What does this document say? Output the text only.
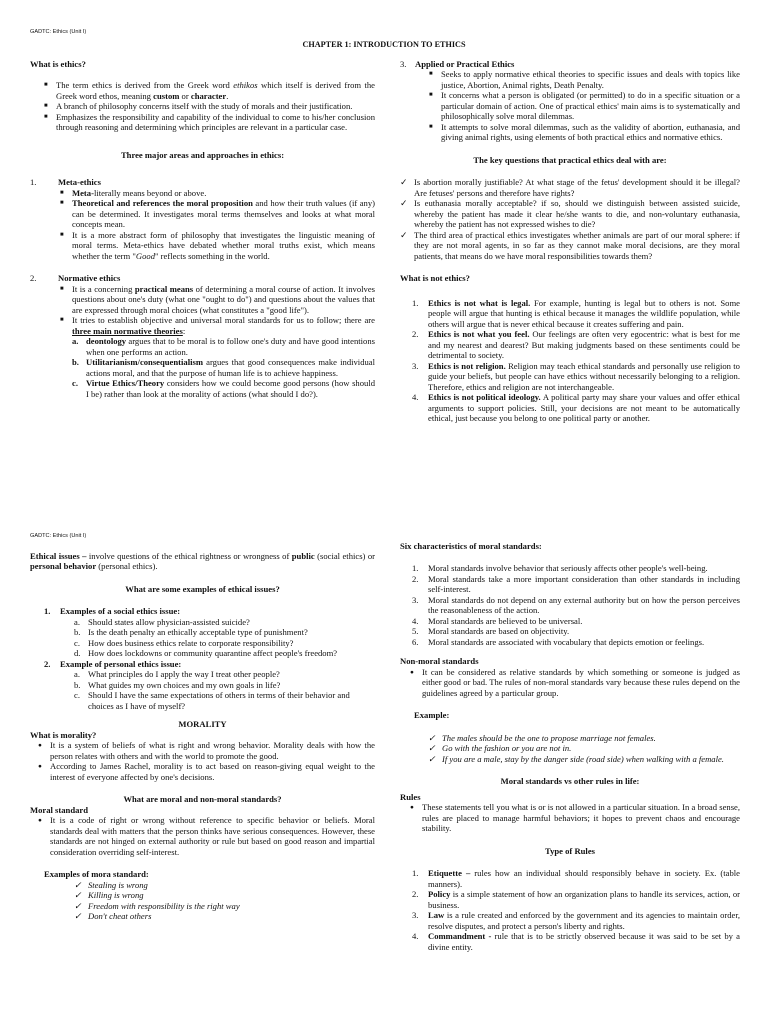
GADTC: Ethics (Unit I)
CHAPTER 1: INTRODUCTION TO ETHICS
What is ethics?
■ The term ethics is derived from the Greek word ethikos which itself is derived from the Greek word ethos, meaning custom or character.
■ A branch of philosophy concerns itself with the study of morals and their justification.
■ Emphasizes the responsibility and capability of the individual to come to his/her conclusion through reasoning and determining which principles are relevant in a particular case.
Three major areas and approaches in ethics:
1.	Meta-ethics
■ Meta-literally means beyond or above.
■ Theoretical and references the moral proposition and how their truth values (if any) can be determined. It investigates moral terms themselves and looks at what moral concepts mean.
■ It is a more abstract form of philosophy that investigates the linguistic meaning of moral terms. Meta-ethics have debated whether moral truths exist, which means whether the term "Good" reflects something in the world.
2.	Normative ethics
■ It is a concerning practical means of determining a moral course of action. It involves questions about one's duty (what one "ought to do") and questions about the values that are expressed through moral choices (what constitutes a "good life").
■ It tries to establish objective and universal moral standards for us to follow; there are three main normative theories:
a. deontology argues that to be moral is to follow one's duty and have good intentions when one performs an action.
b. Utilitarianism/consequentialism argues that good consequences make individual actions moral, and that the purpose of human life is to achieve happiness.
c. Virtue Ethics/Theory considers how we could become good persons (how should I be) rather than look at the morality of actions (what should I do?).
3. Applied or Practical Ethics
■ Seeks to apply normative ethical theories to specific issues and deals with topics like justice, Abortion, Animal rights, Death Penalty.
■ It concerns what a person is obligated (or permitted) to do in a specific situation or a particular domain of action. One of practical ethics' main aims is to systematically and philosophically solve moral dilemmas.
■ It attempts to solve moral dilemmas, such as the validity of abortion, euthanasia, and giving animal rights, using elements of both practical ethics and normative ethics.
The key questions that practical ethics deal with are:
✓ Is abortion morally justifiable? At what stage of the fetus' development should it be illegal? Are fetuses' persons and therefore have rights?
✓ Is euthanasia morally acceptable? if so, should we distinguish between assisted suicide, whereby the patient has made it clear he/she wants to die, and non-voluntary euthanasia, whereby the patient has not expressed wishes to die?
✓ The third area of practical ethics investigates whether animals are part of our moral sphere: if they are not moral agents, in so far as they cannot make moral decisions, are they moral patients, that means do we have moral responsibilities towards them?
What is not ethics?
1. Ethics is not what is legal. For example, hunting is legal but to others is not. Some people will argue that hunting is ethical because it manages the wildlife population, while others will argue that is never ethical because it creates suffering and pain.
2. Ethics is not what you feel. Our feelings are often very egocentric: what is best for me and my nearest and dearest? But making judgments based on these sentiments could be detrimental to society.
3. Ethics is not religion. Religion may teach ethical standards and personally use religion to guide your beliefs, but people can have ethics without necessarily belonging to a religion. Therefore, ethics and religion are not interchangeable.
4. Ethics is not political ideology. A political party may share your values and offer ethical arguments to support policies. Still, your decisions are not meant to be automatically ethical, just because you belong to one political party or another.
GADTC: Ethics (Unit I)
Ethical issues – involve questions of the ethical rightness or wrongness of public (social ethics) or personal behavior (personal ethics).
What are some examples of ethical issues?
1. Examples of a social ethics issue:
a. Should states allow physician-assisted suicide?
b. Is the death penalty an ethically acceptable type of punishment?
c. How does business ethics relate to corporate responsibility?
d. How does lockdowns or community quarantine affect people's freedom?
2. Example of personal ethics issue:
a. What principles do I apply the way I treat other people?
b. What guides my own choices and my own goals in life?
c. Should I have the same expectations of others in terms of their behavior and choices as I have of myself?
MORALITY
What is morality?
● It is a system of beliefs of what is right and wrong behavior. Morality deals with how the person relates with others and with the world to promote the good.
● According to James Rachel, morality is to act based on reason-giving equal weight to the interest of everyone affected by one's decisions.
What are moral and non-moral standards?
Moral standard
● It is a code of right or wrong without reference to specific behavior or beliefs. Moral standards deal with matters that the person thinks have serious consequences. However, these standards are not hinged on external authority or rule but based on good reason and impartial consideration overriding self-interest.
Examples of mora standard:
✓ Stealing is wrong
✓ Killing is wrong
✓ Freedom with responsibility is the right way
✓ Don't cheat others
Six characteristics of moral standards:
1. Moral standards involve behavior that seriously affects other people's well-being.
2. Moral standards take a more important consideration than other standards in including self-interest.
3. Moral standards do not depend on any external authority but on how the person perceives the reasonableness of the action.
4. Moral standards are believed to be universal.
5. Moral standards are based on objectivity.
6. Moral standards are associated with vocabulary that depicts emotion or feelings.
Non-moral standards
● It can be considered as relative standards by which something or someone is judged as either good or bad. The rules of non-moral standards vary because these rules depend on the guidelines agreed by a particular group.
Example:
✓ The males should be the one to propose marriage not females.
✓ Go with the fashion or you are not in.
✓ If you are a male, stay by the danger side (road side) when walking with a female.
Moral standards vs other rules in life:
Rules
● These statements tell you what is or is not allowed in a particular situation. In a broad sense, rules are placed to manage harmful behaviors; it hopes to prevent chaos and encourage stability.
Type of Rules
1. Etiquette – rules how an individual should responsibly behave in society. Ex. (table manners).
2. Policy is a simple statement of how an organization plans to handle its services, action, or business.
3. Law is a rule created and enforced by the government and its agencies to maintain order, resolve disputes, and protect a person's liberty and rights.
4. Commandment - rule that is to be strictly observed because it was said to be set by a divine entity.
